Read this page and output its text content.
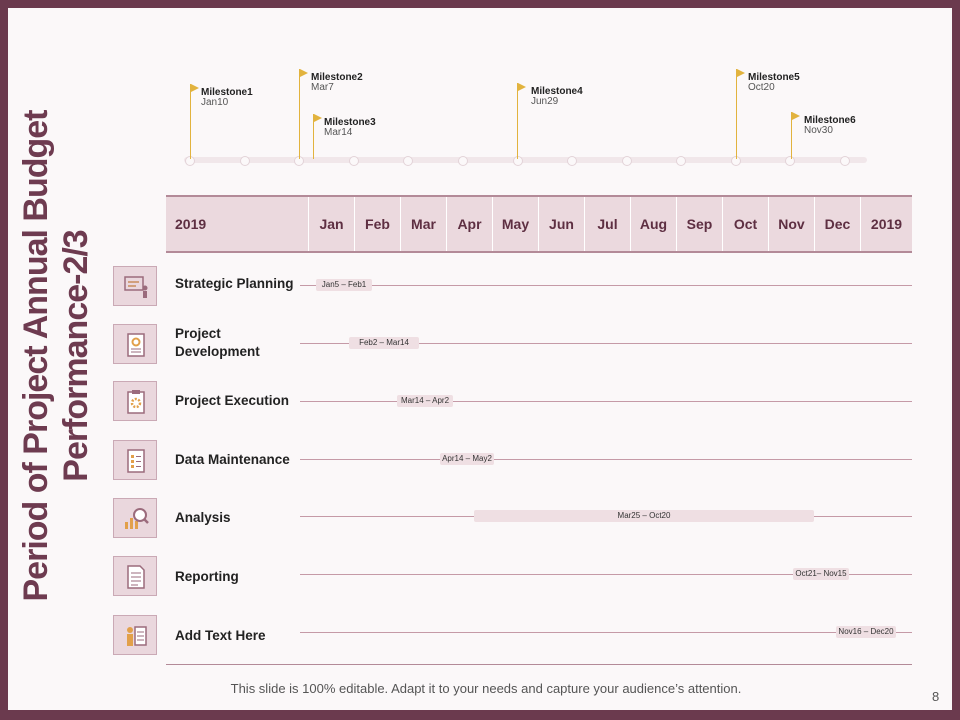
Period of Project Annual Budget Performance-2/3
Milestone1
Jan10
Milestone2
Mar7
Milestone3
Mar14
Milestone4
Jun29
Milestone5
Oct20
Milestone6
Nov30
2019	Jan	Feb	Mar	Apr	May	Jun	Jul	Aug	Sep	Oct	Nov	Dec	2019
Strategic Planning	Jan5 – Feb1
Project
Development
Feb2 – Mar14
Project Execution	Mar14 – Apr2
Data Maintenance	Apr14 – May2
Analysis	Mar25 – Oct20
Reporting	Oct21– Nov15
Add Text Here	Nov16 – Dec20
This slide is 100% editable. Adapt it to your needs and capture your audience’s attention.
8
